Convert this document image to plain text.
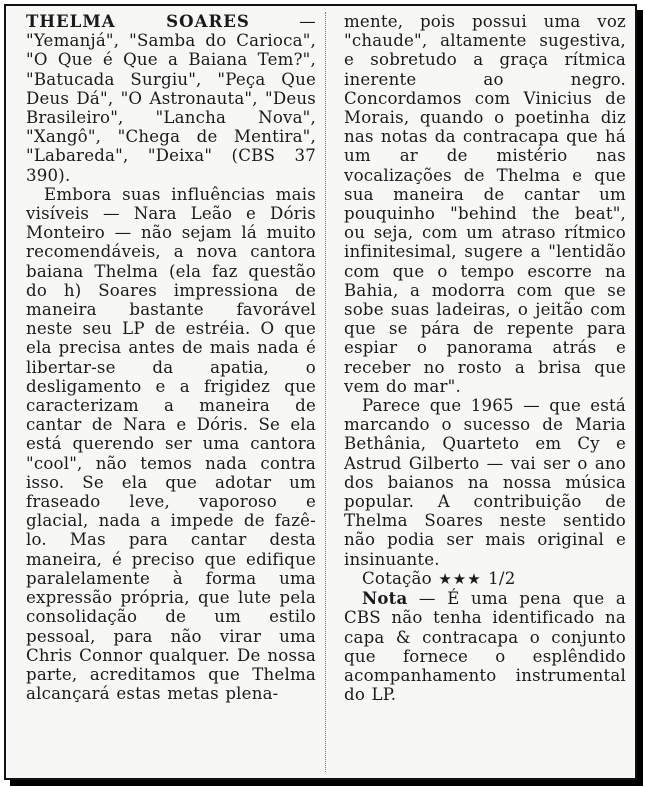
THELMA SOARES — "Yemanjá", "Samba do Carioca", "O Que é Que a Baiana Tem?", "Batucada Surgiu", "Peça Que Deus Dá", "O Astronauta", "Deus Brasileiro", "Lancha Nova", "Xangô", "Chega de Mentira", "Labareda", "Deixa" (CBS 37 390).

Embora suas influências mais visíveis — Nara Leão e Dóris Monteiro — não sejam lá muito recomendáveis, a nova cantora baiana Thelma (ela faz questão do h) Soares impressiona de maneira bastante favorável neste seu LP de estréia. O que ela precisa antes de mais nada é libertar-se da apatia, o desligamento e a frigidez que caracterizam a maneira de cantar de Nara e Dóris. Se ela está querendo ser uma cantora "cool", não temos nada contra isso. Se ela que adotar um fraseado leve, vaporoso e glacial, nada a impede de fazê-lo. Mas para cantar desta maneira, é preciso que edifique paralelamente à forma uma expressão própria, que lute pela consolidação de um estilo pessoal, para não virar uma Chris Connor qualquer. De nossa parte, acreditamos que Thelma alcançará estas metas plena-

mente, pois possui uma voz "chaude", altamente sugestiva, e sobretudo a graça rítmica inerente ao negro. Concordamos com Vinicius de Morais, quando o poetinha diz nas notas da contracapa que há um ar de mistério nas vocalizações de Thelma e que sua maneira de cantar um pouquinho "behind the beat", ou seja, com um atraso rítmico infinitesimal, sugere a "lentidão com que o tempo escorre na Bahia, a modorra com que se sobe suas ladeiras, o jeitão com que se pára de repente para espiar o panorama atrás e receber no rosto a brisa que vem do mar".

Parece que 1965 — que está marcando o sucesso de Maria Bethânia, Quarteto em Cy e Astrud Gilberto — vai ser o ano dos baianos na nossa música popular. A contribuição de Thelma Soares neste sentido não podia ser mais original e insinuante.

Cotação ★★★ 1/2

Nota — É uma pena que a CBS não tenha identificado na capa & contracapa o conjunto que fornece o esplêndido acompanhamento instrumental do LP.
